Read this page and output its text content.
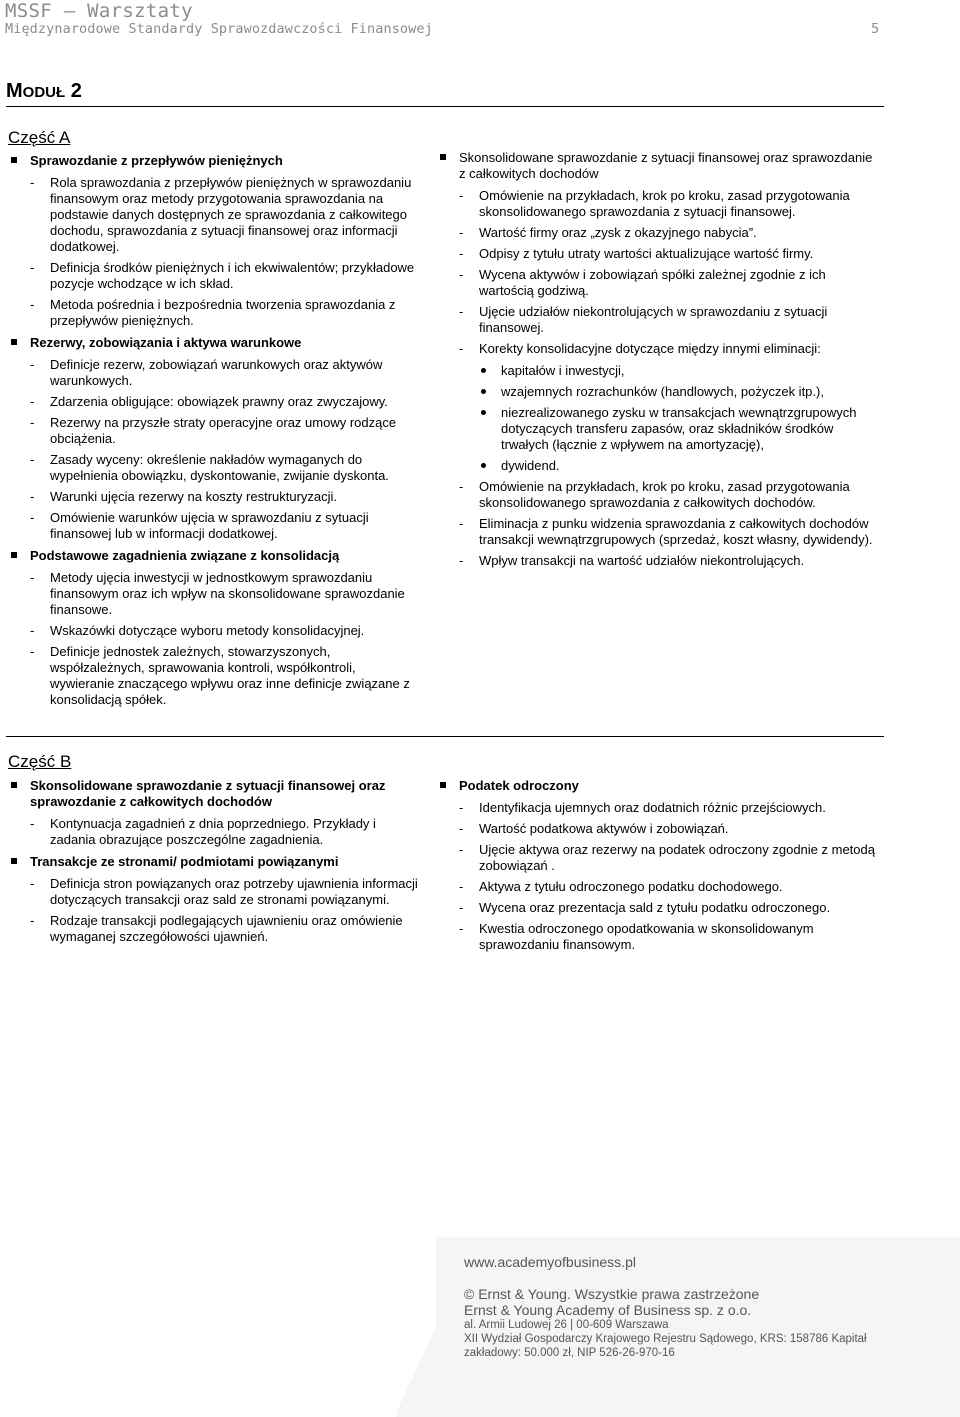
MSSF – Warsztaty
Międzynarodowe Standardy Sprawozdawczości Finansowej	5
MODUŁ 2
Część A
Sprawozdanie z przepływów pieniężnych
- Rola sprawozdania z przepływów pieniężnych w sprawozdaniu finansowym oraz metody przygotowania sprawozdania na podstawie danych dostępnych ze sprawozdania z całkowitego dochodu, sprawozdania z sytuacji finansowej oraz informacji dodatkowej.
- Definicja środków pieniężnych i ich ekwiwalentów; przykładowe pozycje wchodzące w ich skład.
- Metoda pośrednia i bezpośrednia tworzenia sprawozdania z przepływów pieniężnych.
Rezerwy, zobowiązania i aktywa warunkowe
- Definicje rezerw, zobowiązań warunkowych oraz aktywów warunkowych.
- Zdarzenia obligujące: obowiązek prawny oraz zwyczajowy.
- Rezerwy na przyszłe straty operacyjne oraz umowy rodzące obciążenia.
- Zasady wyceny: określenie nakładów wymaganych do wypełnienia obowiązku, dyskontowanie, zwijanie dyskonta.
- Warunki ujęcia rezerwy na koszty restrukturyzacji.
- Omówienie warunków ujęcia w sprawozdaniu z sytuacji finansowej lub w informacji dodatkowej.
Podstawowe zagadnienia związane z konsolidacją
- Metody ujęcia inwestycji w jednostkowym sprawozdaniu finansowym oraz ich wpływ na skonsolidowane sprawozdanie finansowe.
- Wskazówki dotyczące wyboru metody konsolidacyjnej.
- Definicje jednostek zależnych, stowarzyszonych, współzależnych, sprawowania kontroli, współkontroli, wywieranie znaczącego wpływu oraz inne definicje związane z konsolidacją spółek.
Skonsolidowane sprawozdanie z sytuacji finansowej oraz sprawozdanie z całkowitych dochodów
- Omówienie na przykładach, krok po kroku, zasad przygotowania skonsolidowanego sprawozdania z sytuacji finansowej.
- Wartość firmy oraz „zysk z okazyjnego nabycia”.
- Odpisy z tytułu utraty wartości aktualizujące wartość firmy.
- Wycena aktywów i zobowiązań spółki zależnej zgodnie z ich wartością godziwą.
- Ujęcie udziałów niekontrolujących w sprawozdaniu z sytuacji finansowej.
- Korekty konsolidacyjne dotyczące między innymi eliminacji:
kapitałów i inwestycji,
wzajemnych rozrachunków (handlowych, pożyczek itp.),
niezrealizowanego zysku w transakcjach wewnątrzgrupowych dotyczących transferu zapasów, oraz składników środków trwałych (łącznie z wpływem na amortyzację),
dywidend.
- Omówienie na przykładach, krok po kroku, zasad przygotowania skonsolidowanego sprawozdania z całkowitych dochodów.
- Eliminacja z punku widzenia sprawozdania z całkowitych dochodów transakcji wewnątrzgrupowych (sprzedaż, koszt własny, dywidendy).
- Wpływ transakcji na wartość udziałów niekontrolujących.
Część B
Skonsolidowane sprawozdanie z sytuacji finansowej oraz sprawozdanie z całkowitych dochodów
- Kontynuacja zagadnień z dnia poprzedniego. Przykłady i zadania obrazujące poszczególne zagadnienia.
Transakcje ze stronami/ podmiotami powiązanymi
- Definicja stron powiązanych oraz potrzeby ujawnienia informacji dotyczących transakcji oraz sald ze stronami powiązanymi.
- Rodzaje transakcji podlegających ujawnieniu oraz omówienie wymaganej szczegółowości ujawnień.
Podatek odroczony
- Identyfikacja ujemnych oraz dodatnich różnic przejściowych.
- Wartość podatkowa aktywów i zobowiązań.
- Ujęcie aktywa oraz rezerwy na podatek odroczony zgodnie z metodą zobowiązań .
- Aktywa z tytułu odroczonego podatku dochodowego.
- Wycena oraz prezentacja sald z tytułu podatku odroczonego.
- Kwestia odroczonego opodatkowania w skonsolidowanym sprawozdaniu finansowym.
www.academyofbusiness.pl
© Ernst & Young. Wszystkie prawa zastrzeżone
Ernst & Young Academy of Business sp. z o.o.
al. Armii Ludowej 26 | 00-609 Warszawa
XII Wydział Gospodarczy Krajowego Rejestru Sądowego, KRS: 158786 Kapitał
zakładowy: 50.000 zł, NIP 526-26-970-16
